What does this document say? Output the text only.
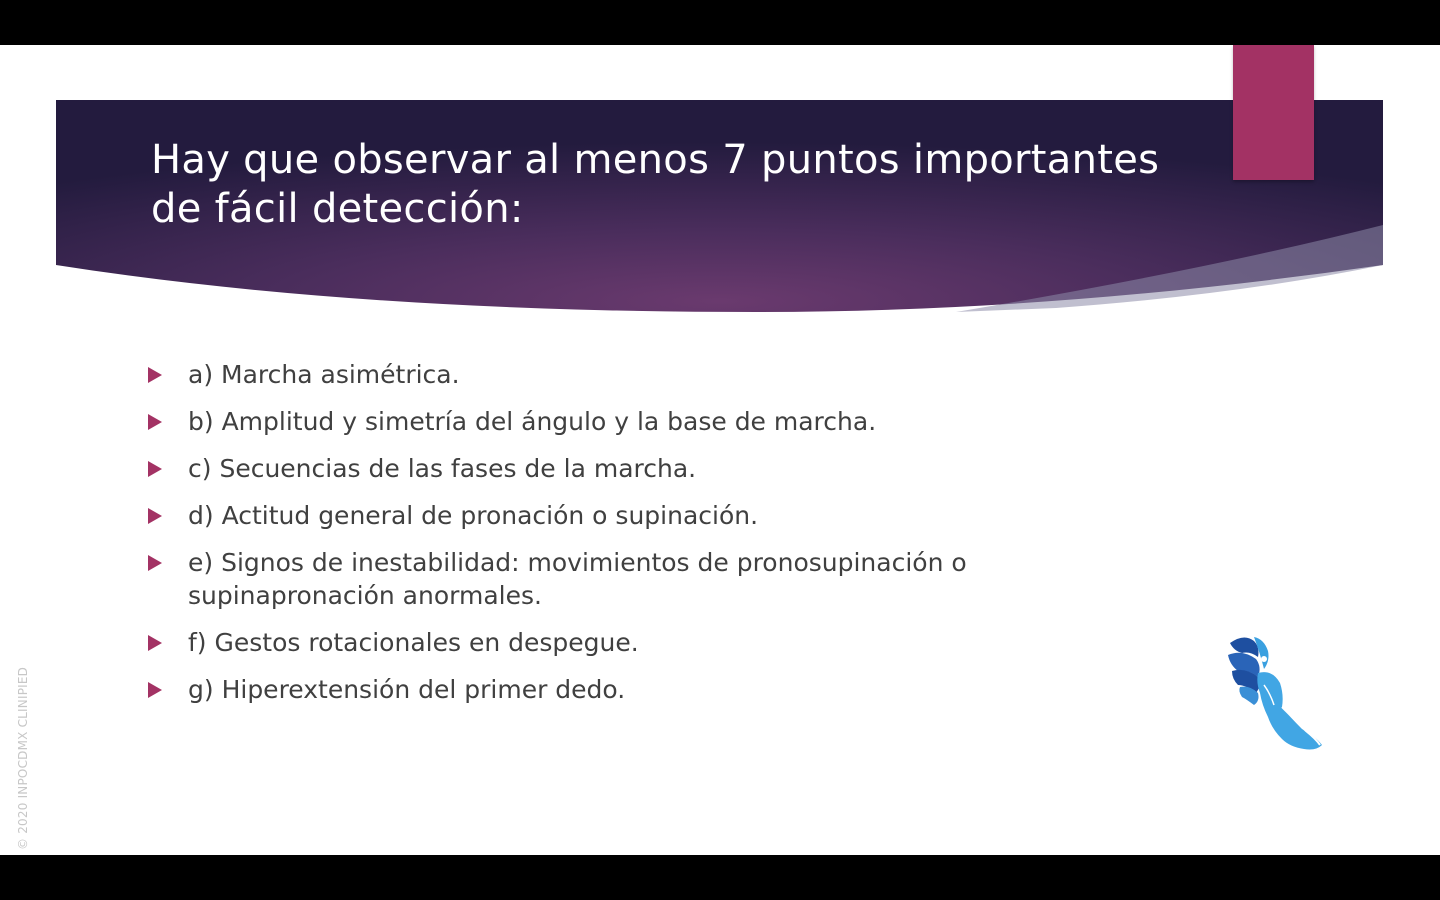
Hay que observar al menos 7 puntos importantes
de fácil detección:
a) Marcha asimétrica.
b) Amplitud y simetría del ángulo y la base de marcha.
c) Secuencias de las fases de la marcha.
d) Actitud general de pronación o supinación.
e) Signos de inestabilidad: movimientos de pronosupinación o supinapronación anormales.
f) Gestos rotacionales en despegue.
g) Hiperextensión del primer dedo.
© 2020 INPOCDMX CLINIPIED
